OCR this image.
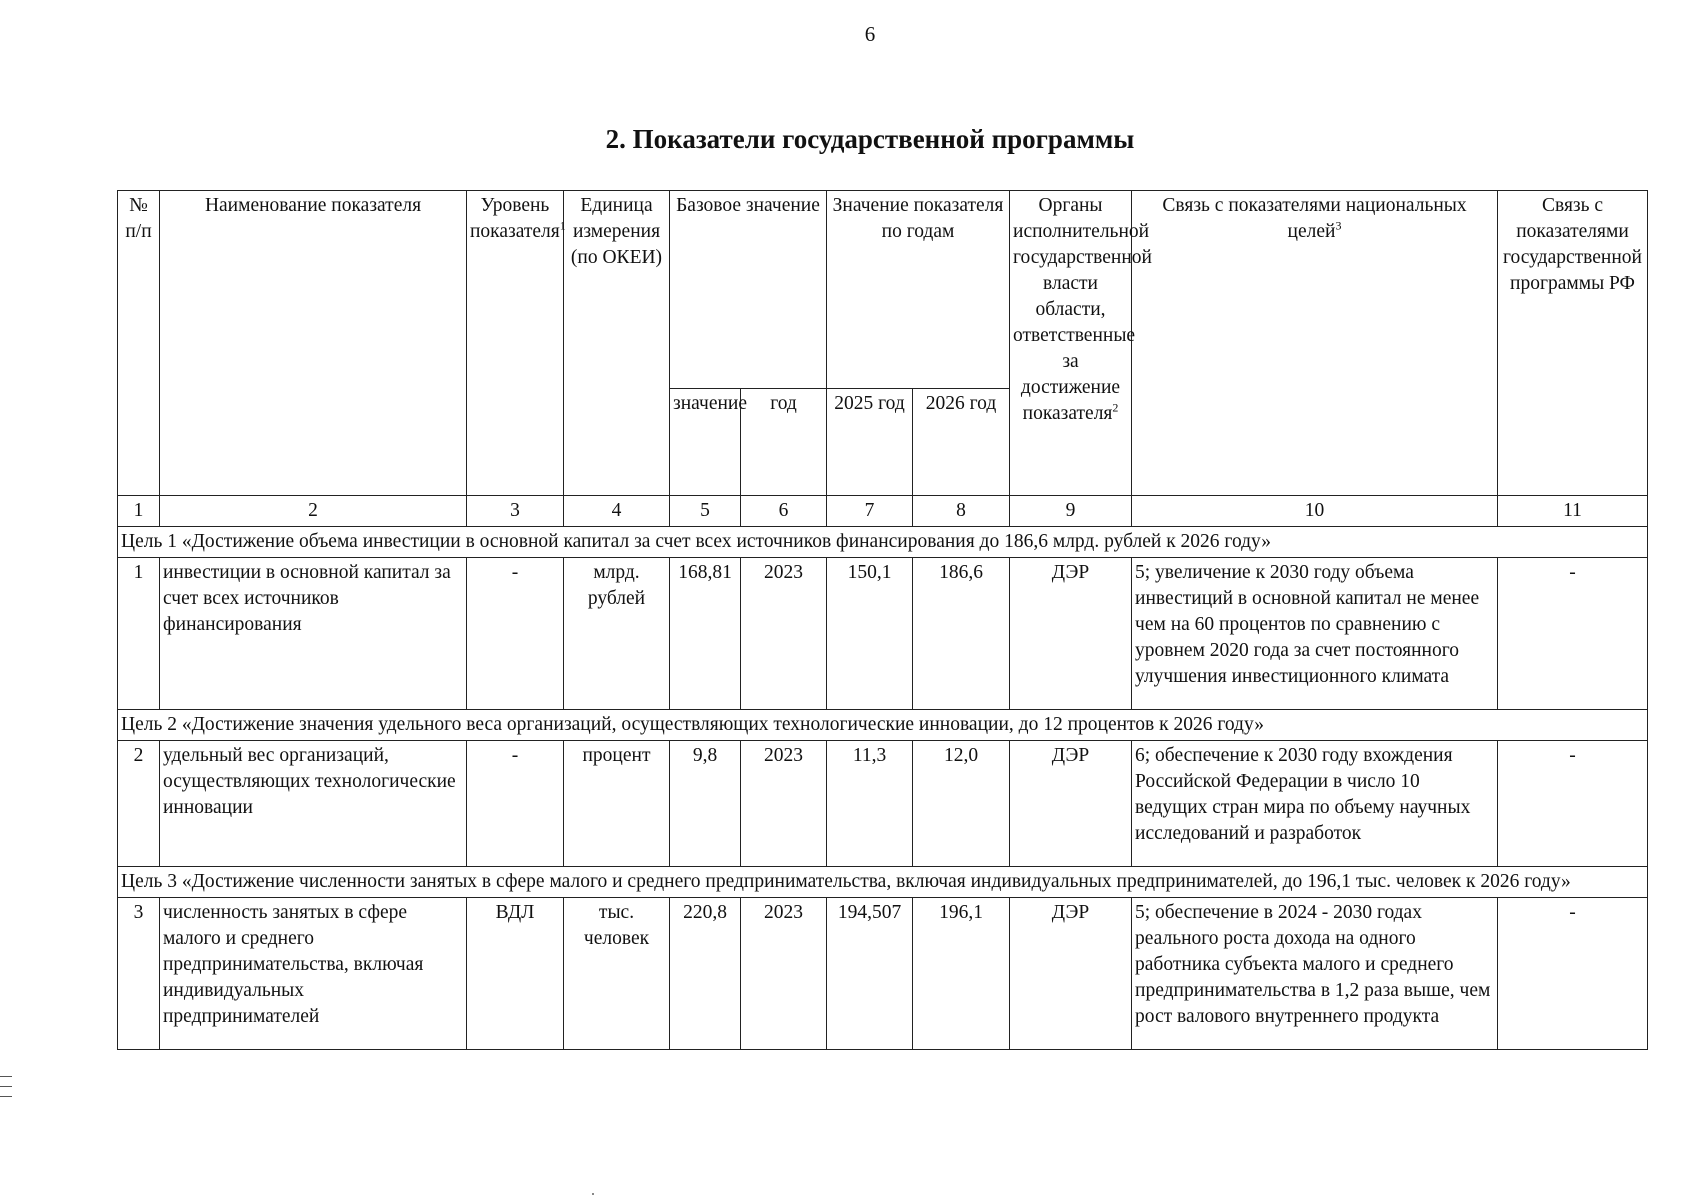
6
2. Показатели государственной программы
№ п/п	Наименование показателя	Уровень показателя$^1$	Единица измерения (по ОКЕИ)	Базовое значение		Значение показателя по годам		Органы исполнительной государственной власти области, ответственные за достижение показателя$^2$	Связь с показателями национальных целей$^3$	Связь с показателями государственной программы РФ
				значение	год	2025 год	2026 год			
1	2	3	4	5	6	7	8	9	10	11
Цель 1 «Достижение объема инвестиции в основной капитал за счет всех источников финансирования до 186,6 млрд. рублей к 2026 году»										
1	инвестиции в основной капитал за счет всех источников финансирования	-	млрд. рублей	168,81	2023	150,1	186,6	ДЭР	5; увеличение к 2030 году объема инвестиций в основной капитал не менее чем на 60 процентов по сравнению с уровнем 2020 года за счет постоянного улучшения инвестиционного климата	-
Цель 2 «Достижение значения удельного веса организаций, осуществляющих технологические инновации, до 12 процентов к 2026 году»										
2	удельный вес организаций, осуществляющих технологические инновации	-	процент	9,8	2023	11,3	12,0	ДЭР	6; обеспечение к 2030 году вхождения Российской Федерации в число 10 ведущих стран мира по объему научных исследований и разработок	-
Цель 3 «Достижение численности занятых в сфере малого и среднего предпринимательства, включая индивидуальных предпринимателей, до 196,1 тыс. человек к 2026 году»										
3	численность занятых в сфере малого и среднего предпринимательства, включая индивидуальных предпринимателей	ВДЛ	тыс. человек	220,8	2023	194,507	196,1	ДЭР	5; обеспечение в 2024 - 2030 годах реального роста дохода на одного работника субъекта малого и среднего предпринимательства в 1,2 раза выше, чем рост валового внутреннего продукта	-
